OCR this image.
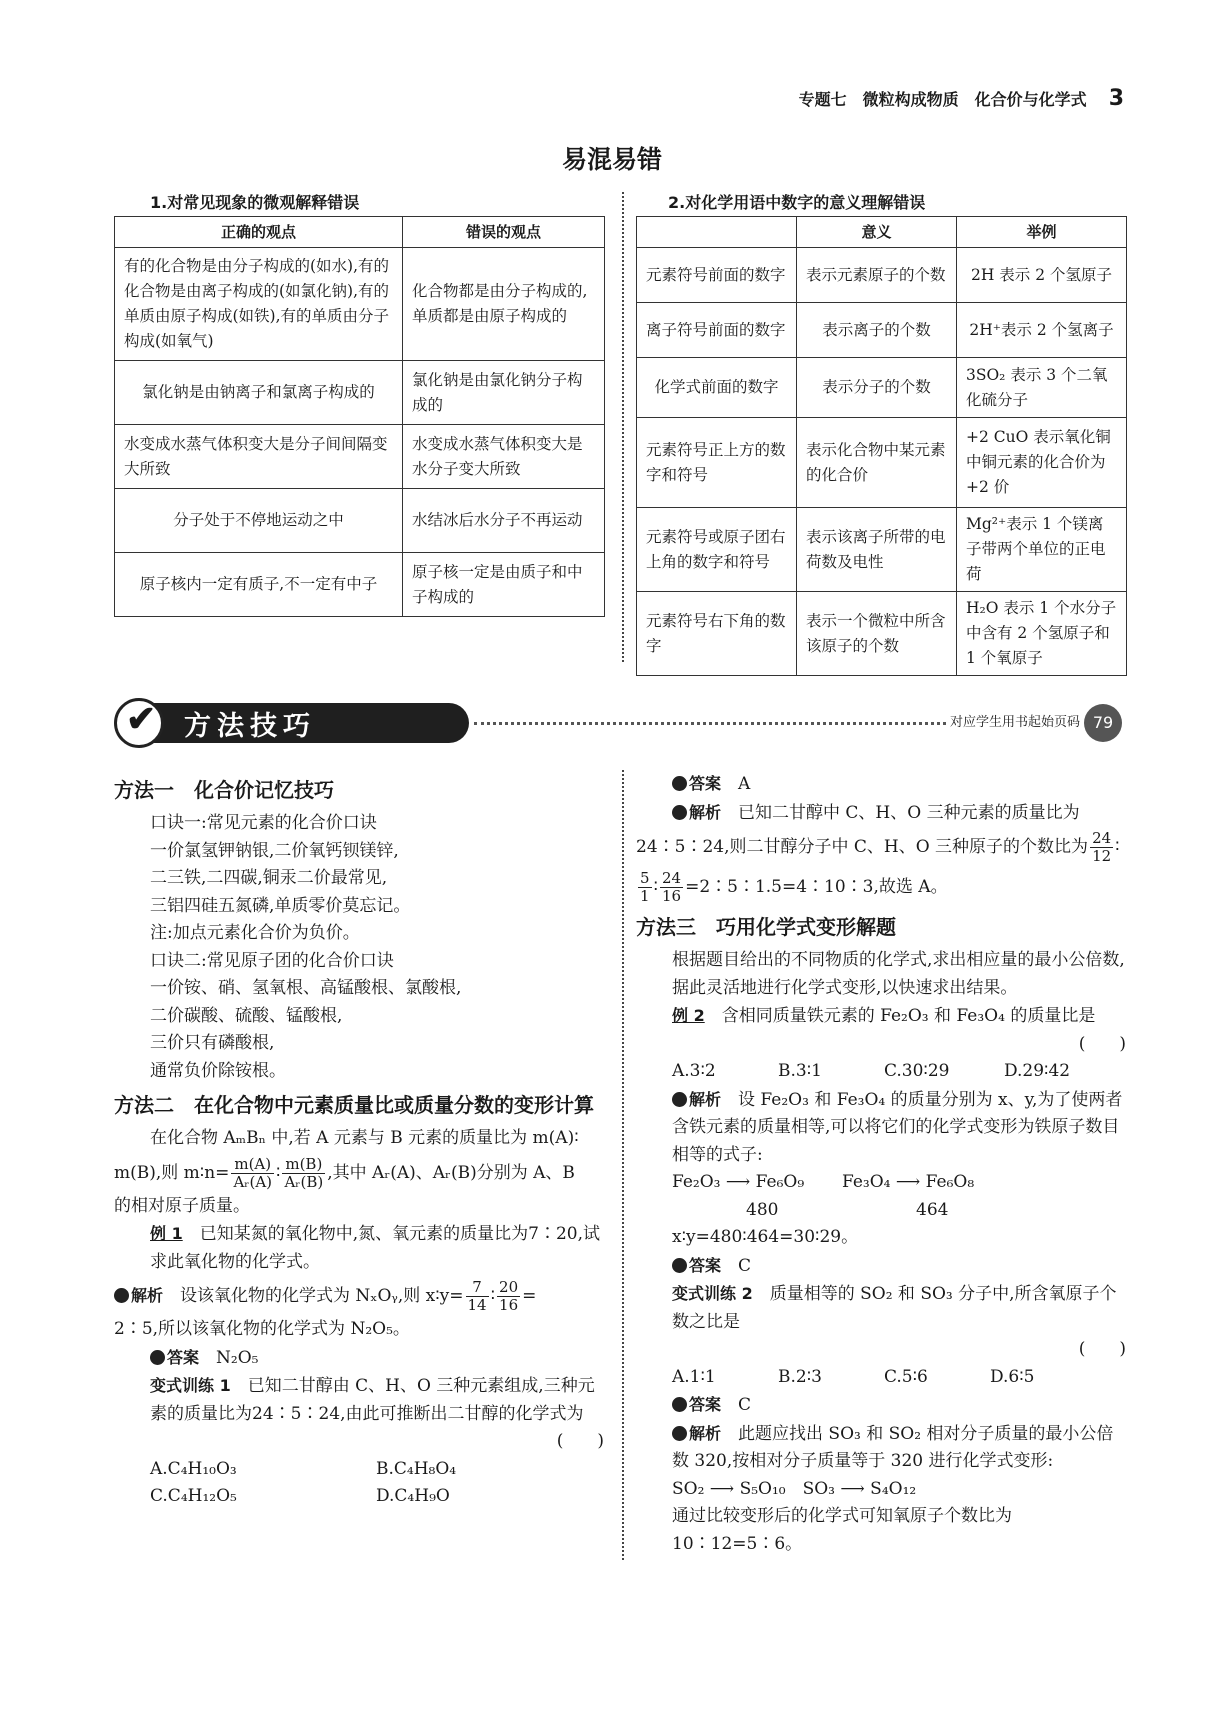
专题七　微粒构成物质　化合价与化学式 3
易混易错
1.对常见现象的微观解释错误
正确的观点	错误的观点
有的化合物是由分子构成的(如水),有的化合物是由离子构成的(如氯化钠),有的单质由原子构成(如铁),有的单质由分子构成(如氧气)	化合物都是由分子构成的,单质都是由原子构成的
氯化钠是由钠离子和氯离子构成的	氯化钠是由氯化钠分子构成的
水变成水蒸气体积变大是分子间间隔变大所致	水变成水蒸气体积变大是水分子变大所致
分子处于不停地运动之中	水结冰后水分子不再运动
原子核内一定有质子,不一定有中子	原子核一定是由质子和中子构成的
2.对化学用语中数字的意义理解错误
	意义	举例
元素符号前面的数字	表示元素原子的个数	2H 表示 2 个氢原子
离子符号前面的数字	表示离子的个数	2H⁺表示 2 个氢离子
化学式前面的数字	表示分子的个数	3SO₂ 表示 3 个二氧化硫分子
元素符号正上方的数字和符号	表示化合物中某元素的化合价	+2 CuO 表示氧化铜中铜元素的化合价为 +2 价
元素符号或原子团右上角的数字和符号	表示该离子所带的电荷数及电性	Mg²⁺表示 1 个镁离子带两个单位的正电荷
元素符号右下角的数字	表示一个微粒中所含该原子的个数	H₂O 表示 1 个水分子中含有 2 个氢原子和 1 个氧原子
✔ 方法技巧	对应学生用书起始页码 79

方法一　化合价记忆技巧

口诀一:常见元素的化合价口诀

一价氯氢钾钠银,二价氧钙钡镁锌,

二三铁,二四碳,铜汞二价最常见,

三铝四硅五氮磷,单质零价莫忘记。

注:加点元素化合价为负价。

口诀二:常见原子团的化合价口诀

一价铵、硝、氢氧根、高锰酸根、氯酸根,

二价碳酸、硫酸、锰酸根,

三价只有磷酸根,

通常负价除铵根。

方法二　在化合物中元素质量比或质量分数的变形计算

在化合物 AₘBₙ 中,若 A 元素与 B 元素的质量比为 m(A)∶

m(B),则 m∶n= $\frac{m(A)}{\text{Aᵣ(A)}}$ ∶ $\frac{m(B)}{\text{Aᵣ(B)}}$ ,其中 Aᵣ(A)、Aᵣ(B)分别为 A、B

的相对原子质量。

例 1　 已知某氮的氧化物中,氮、氧元素的质量比为7∶20,试求此氧化物的化学式。

解析　 设该氧化物的化学式为 NₓOᵧ,则 x∶y= $\frac{7}{14}$ ∶ $\frac{20}{16}$ =

2∶5,所以该氧化物的化学式为 N₂O₅。

答案　 N₂O₅

变式训练 1　 已知二甘醇由 C、H、O 三种元素组成,三种元素的质量比为24∶5∶24,由此可推断出二甘醇的化学式为

(　　)

A.C₄H₁₀O₃	B.C₄H₈O₄
C.C₄H₁₂O₅	D.C₄H₉O

答案　 A

解析　 已知二甘醇中 C、H、O 三种元素的质量比为

24∶5∶24,则二甘醇分子中 C、H、O 三种原子的个数比为 $\frac{24}{12}$ ∶

$\frac{5}{1}$ ∶ $\frac{24}{16}$ =2∶5∶1.5=4∶10∶3,故选 A。

方法三　巧用化学式变形解题

根据题目给出的不同物质的化学式,求出相应量的最小公倍数,据此灵活地进行化学式变形,以快速求出结果。

例 2　 含相同质量铁元素的 Fe₂O₃ 和 Fe₃O₄ 的质量比是

(　　)

A.3∶2	B.3∶1	C.30∶29	D.29∶42

解析　 设 Fe₂O₃ 和 Fe₃O₄ 的质量分别为 x、y,为了使两者含铁元素的质量相等,可以将它们的化学式变形为铁原子数目相等的式子:

Fe₂O₃ ⟶ Fe₆O₉	Fe₃O₄ ⟶ Fe₆O₈
480	464

x∶y=480∶464=30∶29。

答案　 C

变式训练 2　 质量相等的 SO₂ 和 SO₃ 分子中,所含氧原子个数之比是

(　　)

A.1∶1	B.2∶3	C.5∶6	D.6∶5

答案　 C

解析　 此题应找出 SO₃ 和 SO₂ 相对分子质量的最小公倍数 320,按相对分子质量等于 320 进行化学式变形:

SO₂ ⟶ S₅O₁₀　SO₃ ⟶ S₄O₁₂

通过比较变形后的化学式可知氧原子个数比为 10∶12=5∶6。
